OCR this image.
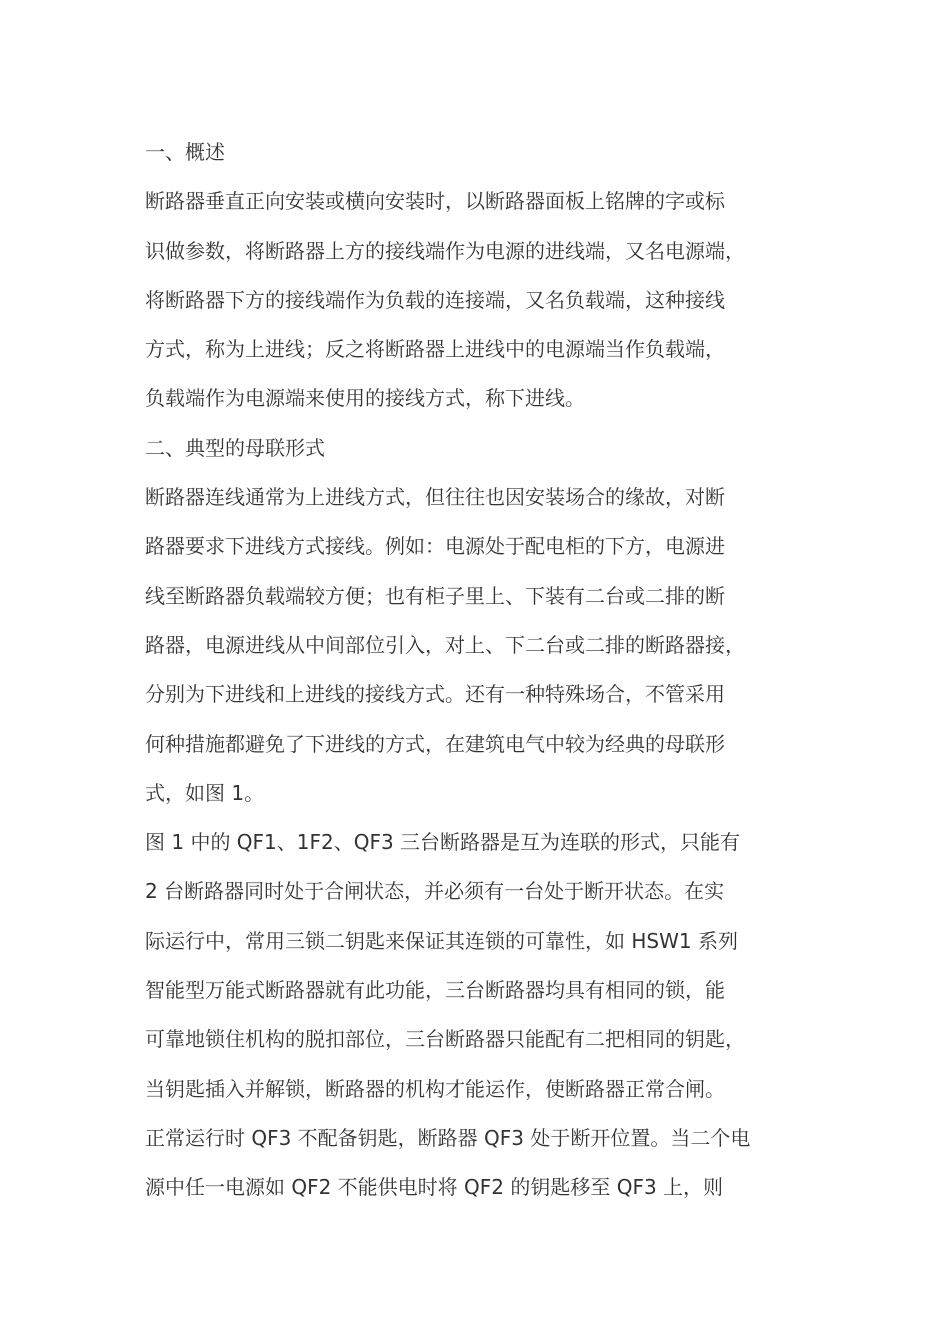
一、概述
断路器垂直正向安装或横向安装时，以断路器面板上铭牌的字或标
识做参数，将断路器上方的接线端作为电源的进线端，又名电源端，
将断路器下方的接线端作为负载的连接端，又名负载端，这种接线
方式，称为上进线；反之将断路器上进线中的电源端当作负载端，
负载端作为电源端来使用的接线方式，称下进线。
二、典型的母联形式
断路器连线通常为上进线方式，但往往也因安装场合的缘故，对断
路器要求下进线方式接线。例如：电源处于配电柜的下方，电源进
线至断路器负载端较方便；也有柜子里上、下装有二台或二排的断
路器，电源进线从中间部位引入，对上、下二台或二排的断路器接，
分别为下进线和上进线的接线方式。还有一种特殊场合，不管采用
何种措施都避免了下进线的方式，在建筑电气中较为经典的母联形
式，如图 1。
图 1 中的 QF1、1F2、QF3 三台断路器是互为连联的形式，只能有
2 台断路器同时处于合闸状态，并必须有一台处于断开状态。在实
际运行中，常用三锁二钥匙来保证其连锁的可靠性，如 HSW1 系列
智能型万能式断路器就有此功能，三台断路器均具有相同的锁，能
可靠地锁住机构的脱扣部位，三台断路器只能配有二把相同的钥匙，
当钥匙插入并解锁，断路器的机构才能运作，使断路器正常合闸。
正常运行时 QF3 不配备钥匙，断路器 QF3 处于断开位置。当二个电
源中任一电源如 QF2 不能供电时将 QF2 的钥匙移至 QF3 上，则
